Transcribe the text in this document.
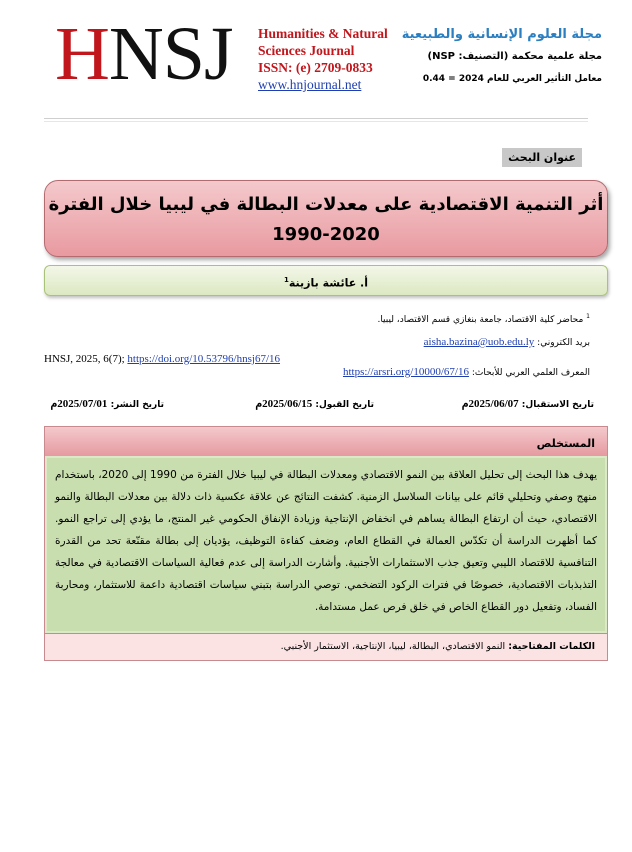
HNSJ Humanities & Natural
Sciences Journal
ISSN: (e) 2709-0833
www.hnjournal.net
مجلة العلوم الإنسانية والطبيعية
مجلة علمية محكمة (التصنيف: NSP)
معامل التأثير العربي للعام 2024 = 0.44
عنوان البحث
أثر التنمية الاقتصادية على معدلات البطالة في ليبيا خلال الفترة
1990-2020
أ. عائشة بازينة$^1$
$^1$ محاضر كلية الاقتصاد، جامعة بنغازي قسم الاقتصاد، ليبيا.
بريد الكتروني: aisha.bazina@uob.edu.ly
HNSJ, 2025, 6(7); https://doi.org/10.53796/hnsj67/16
المعرف العلمي العربي للأبحاث: https://arsri.org/10000/67/16
تاريخ الاستقبال: 2025/06/07م
تاريخ القبول: 2025/06/15م
تاريخ النشر: 2025/07/01م
المستخلص
يهدف هذا البحث إلى تحليل العلاقة بين النمو الاقتصادي ومعدلات البطالة في ليبيا خلال الفترة من 1990 إلى 2020، باستخدام منهج وصفي وتحليلي قائم على بيانات السلاسل الزمنية. كشفت النتائج عن علاقة عكسية ذات دلالة بين معدلات البطالة والنمو الاقتصادي، حيث أن ارتفاع البطالة يساهم في انخفاض الإنتاجية وزيادة الإنفاق الحكومي غير المنتج، ما يؤدي إلى تراجع النمو. كما أظهرت الدراسة أن تكدّس العمالة في القطاع العام، وضعف كفاءة التوظيف، يؤديان إلى بطالة مقنّعة تحد من القدرة التنافسية للاقتصاد الليبي وتعيق جذب الاستثمارات الأجنبية. وأشارت الدراسة إلى عدم فعالية السياسات الاقتصادية في معالجة التذبذبات الاقتصادية، خصوصًا في فترات الركود التضخمي. توصي الدراسة بتبني سياسات اقتصادية داعمة للاستثمار، ومحاربة الفساد، وتفعيل دور القطاع الخاص في خلق فرص عمل مستدامة.
الكلمات المفتاحية: النمو الاقتصادي، البطالة، ليبيا، الإنتاجية، الاستثمار الأجنبي.
